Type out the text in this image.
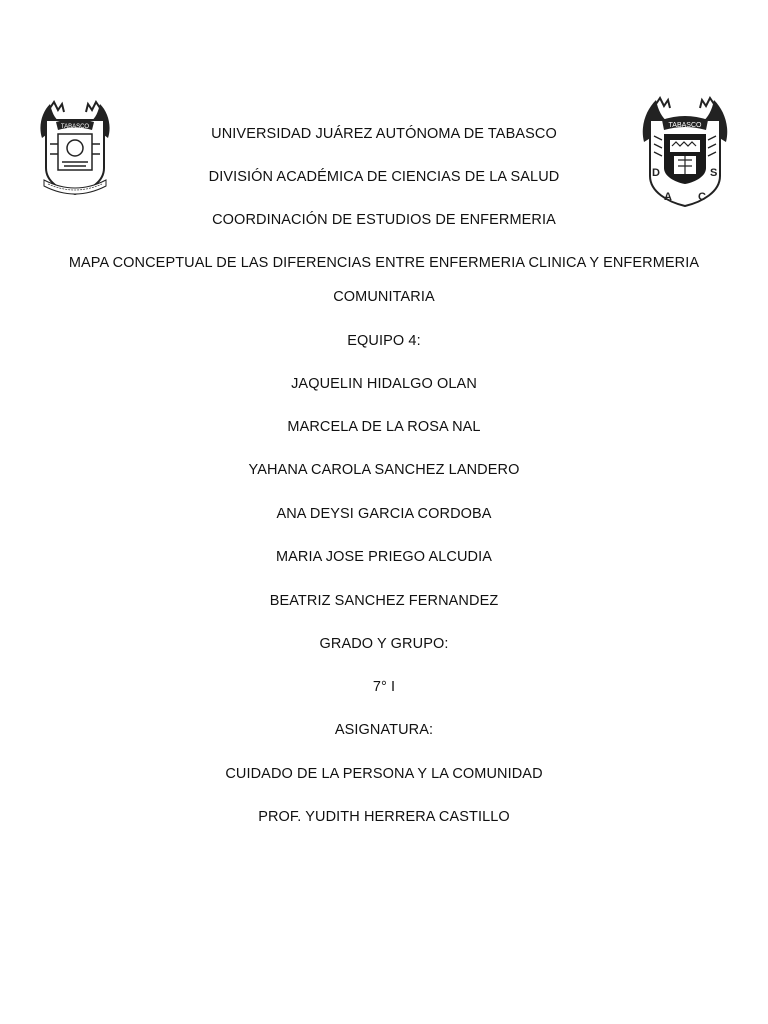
TABASCO	TABASCO
D
A C
S
UNIVERSIDAD JUÁREZ AUTÓNOMA DE TABASCO
DIVISIÓN ACADÉMICA DE CIENCIAS DE LA SALUD
COORDINACIÓN DE ESTUDIOS DE ENFERMERIA
MAPA CONCEPTUAL DE LAS DIFERENCIAS ENTRE ENFERMERIA CLINICA Y ENFERMERIA
COMUNITARIA
EQUIPO 4:
JAQUELIN HIDALGO OLAN
MARCELA DE LA ROSA NAL
YAHANA CAROLA SANCHEZ LANDERO
ANA DEYSI GARCIA CORDOBA
MARIA JOSE PRIEGO ALCUDIA
BEATRIZ SANCHEZ FERNANDEZ
GRADO Y GRUPO:
7° I
ASIGNATURA:
CUIDADO DE LA PERSONA Y LA COMUNIDAD
PROF. YUDITH HERRERA CASTILLO
